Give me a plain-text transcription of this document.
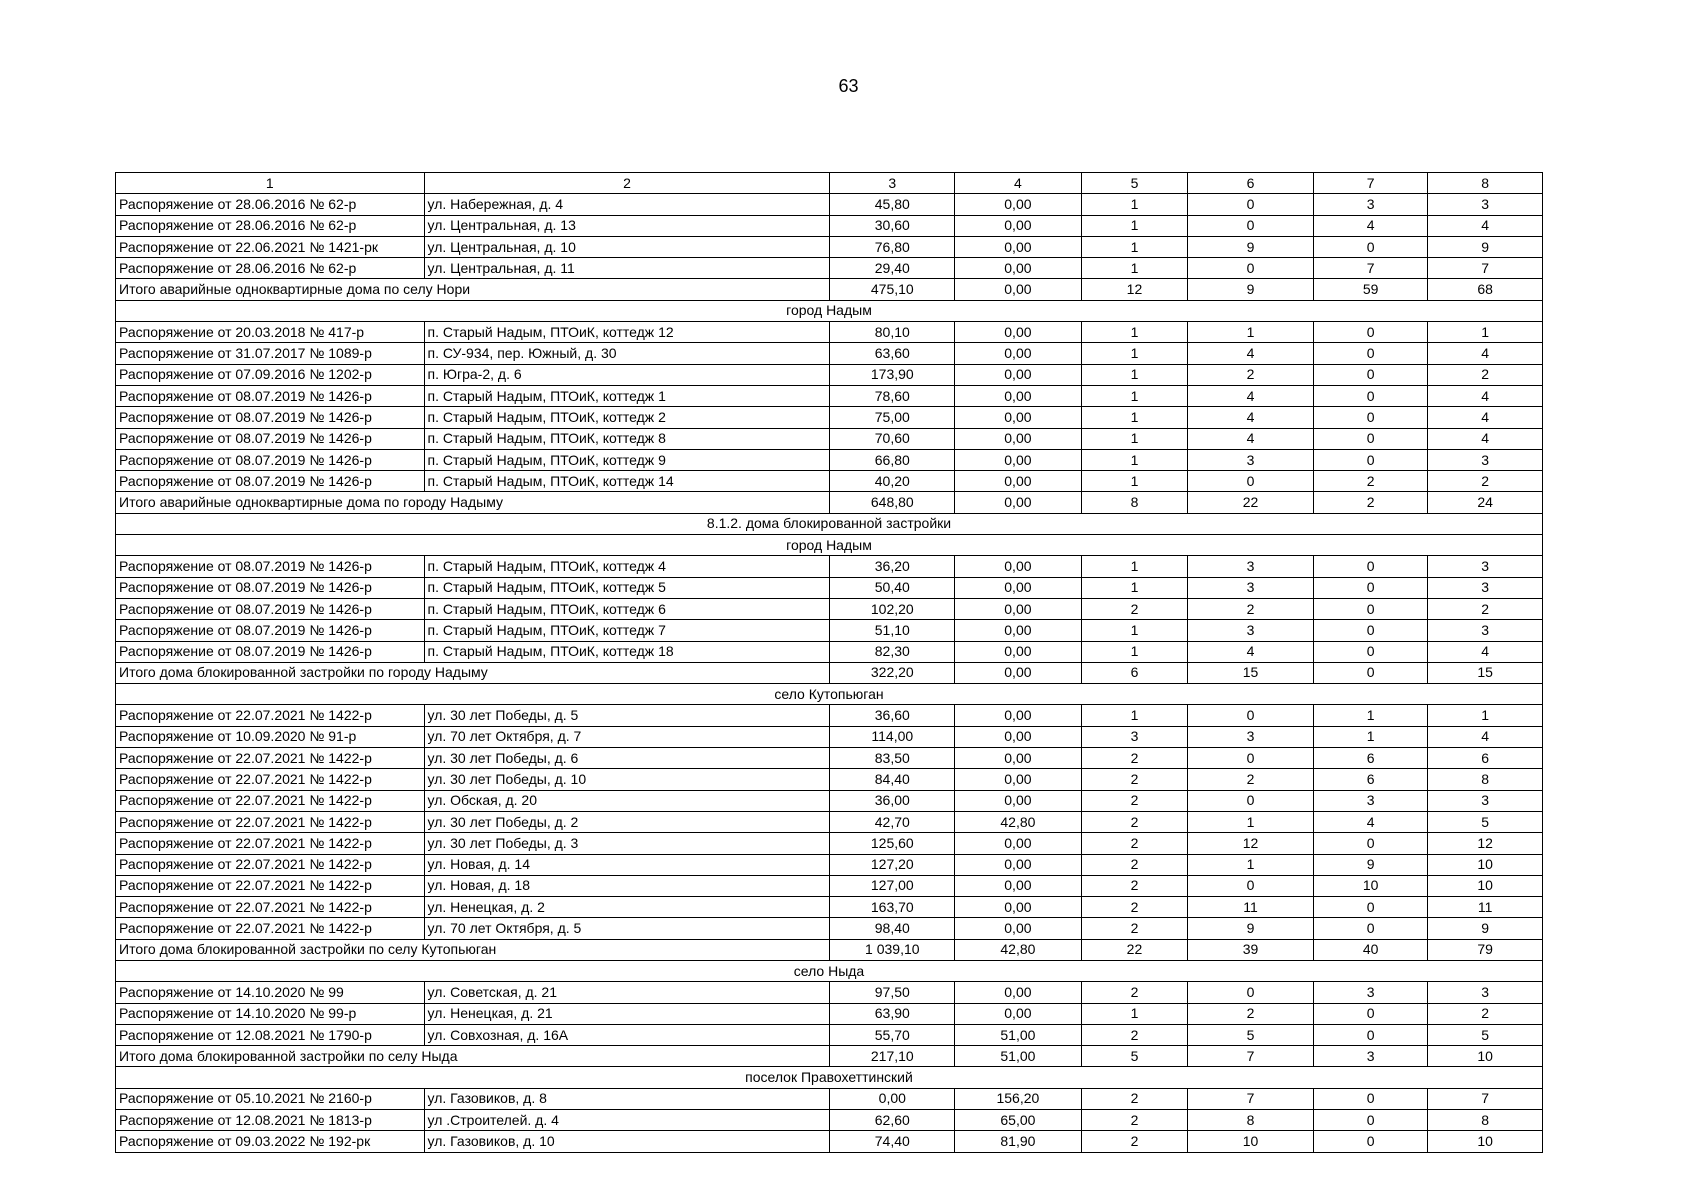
63
1	2	3	4	5	6	7	8
Распоряжение от 28.06.2016 № 62-р	ул. Набережная, д. 4	45,80	0,00	1	0	3	3
Распоряжение от 28.06.2016 № 62-р	ул. Центральная, д. 13	30,60	0,00	1	0	4	4
Распоряжение от 22.06.2021 № 1421-рк	ул. Центральная, д. 10	76,80	0,00	1	9	0	9
Распоряжение от 28.06.2016 № 62-р	ул. Центральная, д. 11	29,40	0,00	1	0	7	7
Итого аварийные одноквартирные дома по селу Нори		475,10	0,00	12	9	59	68
город Надым							
Распоряжение от 20.03.2018 № 417-р	п. Старый Надым, ПТОиК, коттедж 12	80,10	0,00	1	1	0	1
Распоряжение от 31.07.2017 № 1089-р	п. СУ-934, пер. Южный, д. 30	63,60	0,00	1	4	0	4
Распоряжение от 07.09.2016 № 1202-р	п. Югра-2, д. 6	173,90	0,00	1	2	0	2
Распоряжение от 08.07.2019 № 1426-р	п. Старый Надым, ПТОиК, коттедж 1	78,60	0,00	1	4	0	4
Распоряжение от 08.07.2019 № 1426-р	п. Старый Надым, ПТОиК, коттедж 2	75,00	0,00	1	4	0	4
Распоряжение от 08.07.2019 № 1426-р	п. Старый Надым, ПТОиК, коттедж 8	70,60	0,00	1	4	0	4
Распоряжение от 08.07.2019 № 1426-р	п. Старый Надым, ПТОиК, коттедж 9	66,80	0,00	1	3	0	3
Распоряжение от 08.07.2019 № 1426-р	п. Старый Надым, ПТОиК, коттедж 14	40,20	0,00	1	0	2	2
Итого аварийные одноквартирные дома по городу Надыму		648,80	0,00	8	22	2	24
8.1.2. дома блокированной застройки							
город Надым							
Распоряжение от 08.07.2019 № 1426-р	п. Старый Надым, ПТОиК, коттедж 4	36,20	0,00	1	3	0	3
Распоряжение от 08.07.2019 № 1426-р	п. Старый Надым, ПТОиК, коттедж 5	50,40	0,00	1	3	0	3
Распоряжение от 08.07.2019 № 1426-р	п. Старый Надым, ПТОиК, коттедж 6	102,20	0,00	2	2	0	2
Распоряжение от 08.07.2019 № 1426-р	п. Старый Надым, ПТОиК, коттедж 7	51,10	0,00	1	3	0	3
Распоряжение от 08.07.2019 № 1426-р	п. Старый Надым, ПТОиК, коттедж 18	82,30	0,00	1	4	0	4
Итого дома блокированной застройки по городу Надыму		322,20	0,00	6	15	0	15
село Кутопьюган							
Распоряжение от 22.07.2021 № 1422-р	ул. 30 лет Победы, д. 5	36,60	0,00	1	0	1	1
Распоряжение от 10.09.2020 № 91-р	ул. 70 лет Октября, д. 7	114,00	0,00	3	3	1	4
Распоряжение от 22.07.2021 № 1422-р	ул. 30 лет Победы, д. 6	83,50	0,00	2	0	6	6
Распоряжение от 22.07.2021 № 1422-р	ул. 30 лет Победы, д. 10	84,40	0,00	2	2	6	8
Распоряжение от 22.07.2021 № 1422-р	ул. Обская, д. 20	36,00	0,00	2	0	3	3
Распоряжение от 22.07.2021 № 1422-р	ул. 30 лет Победы, д. 2	42,70	42,80	2	1	4	5
Распоряжение от 22.07.2021 № 1422-р	ул. 30 лет Победы, д. 3	125,60	0,00	2	12	0	12
Распоряжение от 22.07.2021 № 1422-р	ул. Новая, д. 14	127,20	0,00	2	1	9	10
Распоряжение от 22.07.2021 № 1422-р	ул. Новая, д. 18	127,00	0,00	2	0	10	10
Распоряжение от 22.07.2021 № 1422-р	ул. Ненецкая, д. 2	163,70	0,00	2	11	0	11
Распоряжение от 22.07.2021 № 1422-р	ул. 70 лет Октября, д. 5	98,40	0,00	2	9	0	9
Итого дома блокированной застройки по селу Кутопьюган		1 039,10	42,80	22	39	40	79
село Ныда							
Распоряжение от 14.10.2020 № 99	ул. Советская, д. 21	97,50	0,00	2	0	3	3
Распоряжение от 14.10.2020 № 99-р	ул. Ненецкая, д. 21	63,90	0,00	1	2	0	2
Распоряжение от 12.08.2021 № 1790-р	ул. Совхозная, д. 16А	55,70	51,00	2	5	0	5
Итого дома блокированной застройки по селу Ныда		217,10	51,00	5	7	3	10
поселок Правохеттинский							
Распоряжение от 05.10.2021 № 2160-р	ул. Газовиков, д. 8	0,00	156,20	2	7	0	7
Распоряжение от 12.08.2021 № 1813-р	ул .Строителей. д. 4	62,60	65,00	2	8	0	8
Распоряжение от 09.03.2022 № 192-рк	ул. Газовиков, д. 10	74,40	81,90	2	10	0	10
